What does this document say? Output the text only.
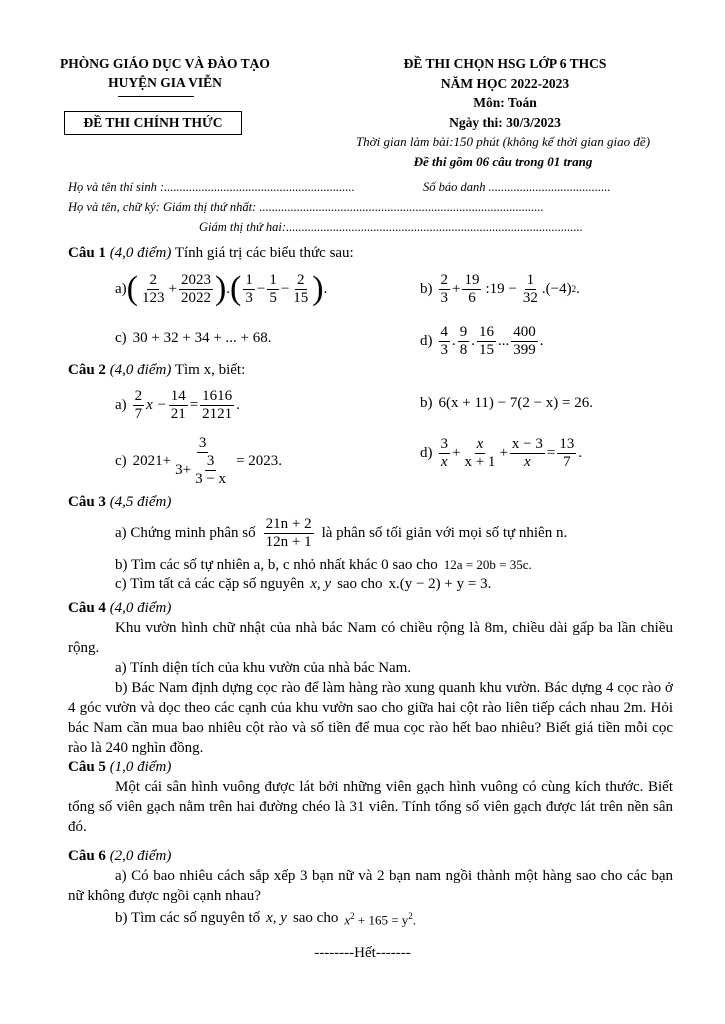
PHÒNG GIÁO DỤC VÀ ĐÀO TẠO
HUYỆN GIA VIỄN
ĐỀ THI CHÍNH THỨC
ĐỀ THI CHỌN HSG LỚP 6 THCS
NĂM HỌC 2022-2023
Môn: Toán
Ngày thi: 30/3/2023
Thời gian làm bài:150 phút (không kể thời gian giao đề)
Đề thi gồm 06 câu trong 01 trang
Họ và tên thí sinh :.............................................................	Số báo danh .......................................
Họ và tên, chữ ký: Giám thị thứ nhất: ...........................................................................................
Giám thị thứ hai:...............................................................................................
Câu 1 (4,0 điểm) Tính giá trị các biểu thức sau:
a) ( $\frac{2}{123} + \frac{2023}{2022}$ ) . ( $\frac{1}{3} - \frac{1}{5} - \frac{2}{15}$ ) .	$b) \frac{2}{3} + \frac{19}{6}$ :19 − $\frac{1}{32} .(-4)$ 2 .
c) 30 + 32 + 34 + ... + 68.	$d) \frac{4}{3}$ . $\frac{9}{8}$ . $\frac{16}{15}$ ... $\frac{400}{399}$ .
Câu 2 (4,0 điểm) Tìm x, biết:
$a) \frac{2}{7}$ $x - \frac{14}{21} = \frac{1616}{2121}$ .	b) 6(x + 11) − 7(2 − x) = 26.
c) $2021+ \frac{3}{3+ \frac{3}{3 - x}} = 2023$.	$d) \frac{3}{x} + \frac{x}{x + 1} + \frac{x - 3}{x} = \frac{13}{7}$ .
Câu 3 (4,5 điểm)
a) Chứng minh phân số $\frac{21n + 2}{12n + 1}$ là phân số tối giản với mọi số tự nhiên n.
b) Tìm các số tự nhiên a, b, c nhỏ nhất khác 0 sao cho 12a = 20b = 35c.
c) Tìm tất cả các cặp số nguyên x, y sao cho x.(y − 2) + y = 3.
Câu 4 (4,0 điểm)
Khu vườn hình chữ nhật của nhà bác Nam có chiều rộng là 8m, chiều dài gấp ba lần chiều rộng.
a) Tính diện tích của khu vườn của nhà bác Nam.
b) Bác Nam định dựng cọc rào để làm hàng rào xung quanh khu vườn. Bác dựng 4 cọc rào ở 4 góc vườn và dọc theo các cạnh của khu vườn sao cho giữa hai cột rào liên tiếp cách nhau 2m. Hỏi bác Nam cần mua bao nhiêu cột rào và số tiền để mua cọc rào hết bao nhiêu? Biết giá tiền mỗi cọc rào là 240 nghìn đồng.
Câu 5 (1,0 điểm)
Một cái sân hình vuông được lát bởi những viên gạch hình vuông có cùng kích thước. Biết tổng số viên gạch nằm trên hai đường chéo là 31 viên. Tính tổng số viên gạch được lát trên nền sân đó.
Câu 6 (2,0 điểm)
a) Có bao nhiêu cách sắp xếp 3 bạn nữ và 2 bạn nam ngồi thành một hàng sao cho các bạn nữ không được ngồi cạnh nhau?
b) Tìm các số nguyên tố x, y sao cho $x^2 + 165 = y^2$.
--------Hết-------
